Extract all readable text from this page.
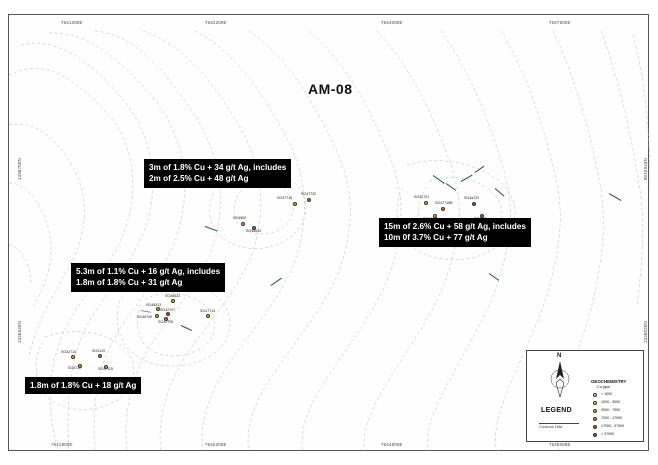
7641000E	7642200E	7644000E	7647500E
7641900E	7642300E	7644900E	7545008E
1338700N
1336530N
8010916N
1338020N
AM-08
SG47715
SG47732
SG4550
SG46632
SG42701
SG47715B
SG4a722
SG46513
SG46522
SG42707
SG42705
SG46700
SG47714
SG42714	SG4120
SG6722	SG47115
3m of 1.8% Cu + 34 g/t Ag, includes
2m of 2.5% Cu + 48 g/t Ag
15m of 2.6% Cu + 58 g/t Ag, includes
10m 0f 3.7% Cu + 77 g/t Ag
5.3m of 1.1% Cu + 16 g/t Ag, includes
1.8m of 1.8% Cu + 31 g/t Ag
1.8m of 1.8% Cu + 18 g/t Ag
N
LEGEND
Contours 1Mw
GEOCHEMISTRY
Cu ppm
< 1000
1000 - 3000
3000 - 7000
7000 - 17000
17000 - 37000
> 37000
